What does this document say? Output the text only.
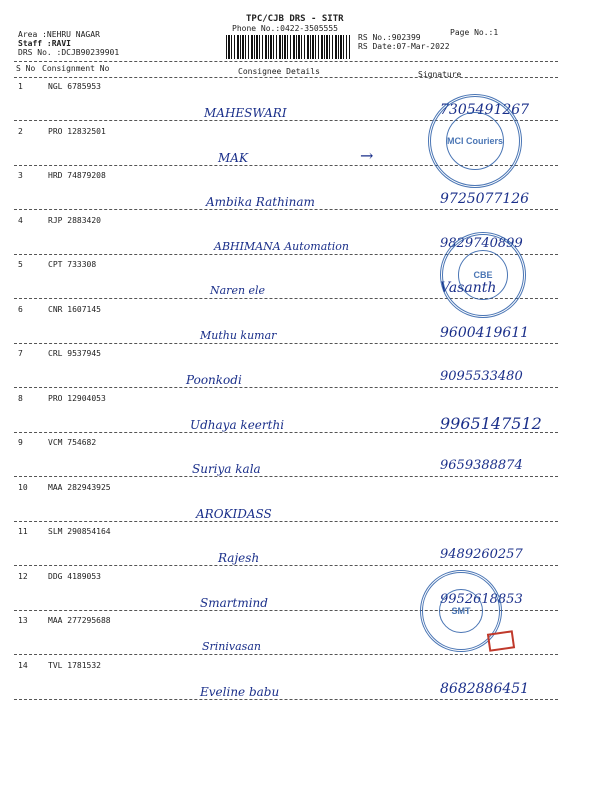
TPC/CJB DRS - SITR
Phone No.:0422-3505555
Area :NEHRU NAGAR
Staff :RAVI
DRS No. :DCJB90239901
Page No.:1
RS No.:902399
RS Date:07-Mar-2022
S No Consignment No	Consignee Details	Signature
1	NGL 6785953
MAHESWARI	7305491267
2	PRO 12832501
MAK
3	HRD 74879208
Ambika Rathinam	9725077126
4	RJP 2883420
ABHIMANA Automation	9829740899
5	CPT 733308
Naren ele	Vasanth
6	CNR 1607145
Muthu kumar	9600419611
7	CRL 9537945
Poonkodi	9095533480
8	PRO 12904053
Udhaya keerthi	9965147512
9	VCM 754682
Suriya kala	9659388874
10	MAA 282943925
AROKIDASS
11	SLM 290854164
Rajesh	9489260257
12	DDG 4189053
Smartmind	9952618853
13	MAA 277295688
Srinivasan
14	TVL 1781532
Eveline babu	8682886451
→
MCI Couriers
CBE
SMT
